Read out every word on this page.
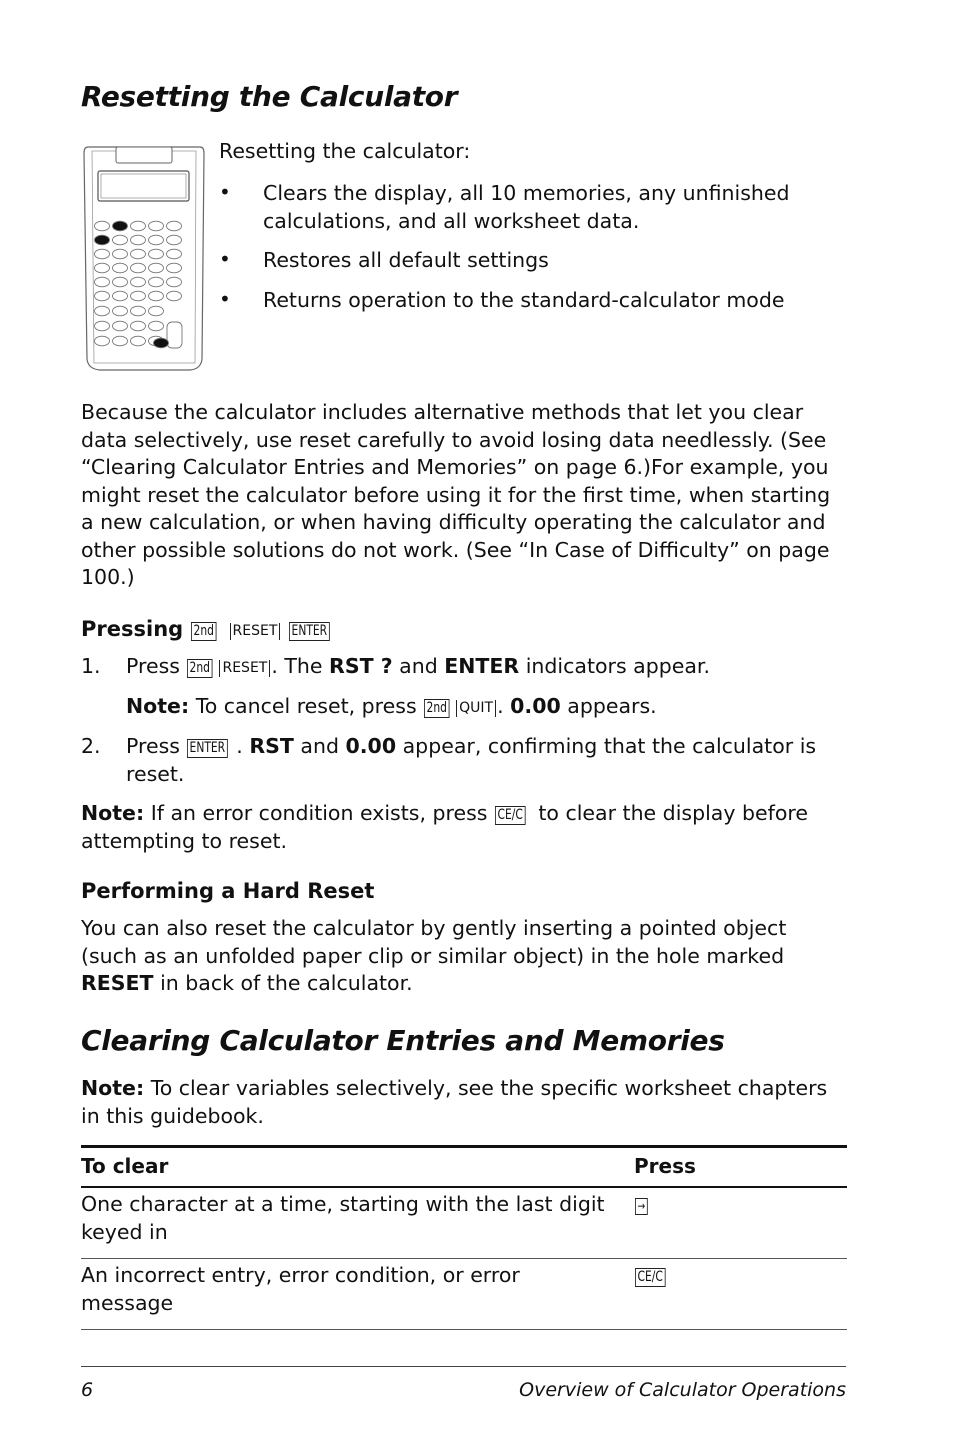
Resetting the Calculator

Resetting the calculator:

• Clears the display, all 10 memories, any unfinished calculations, and all worksheet data.

• Restores all default settings

• Returns operation to the standard-calculator mode

Because the calculator includes alternative methods that let you clear data selectively, use reset carefully to avoid losing data needlessly. (See “Clearing Calculator Entries and Memories” on page 6.)For example, you might reset the calculator before using it for the first time, when starting a new calculation, or when having difficulty operating the calculator and other possible solutions do not work. (See “In Case of Difficulty” on page 100.)

Pressing 2nd RESET ENTER

1. Press 2nd RESET . The RST ? and ENTER indicators appear.

Note: To cancel reset, press 2nd QUIT . 0.00 appears.

2. Press ENTER . RST and 0.00 appear, confirming that the calculator is reset.

Note: If an error condition exists, press CE/C to clear the display before attempting to reset.

Performing a Hard Reset

You can also reset the calculator by gently inserting a pointed object (such as an unfolded paper clip or similar object) in the hole marked RESET in back of the calculator.

Clearing Calculator Entries and Memories

Note: To clear variables selectively, see the specific worksheet chapters in this guidebook.

To clear	Press
One character at a time, starting with the last digit keyed in	→
An incorrect entry, error condition, or error message	CE/C

6	Overview of Calculator Operations
